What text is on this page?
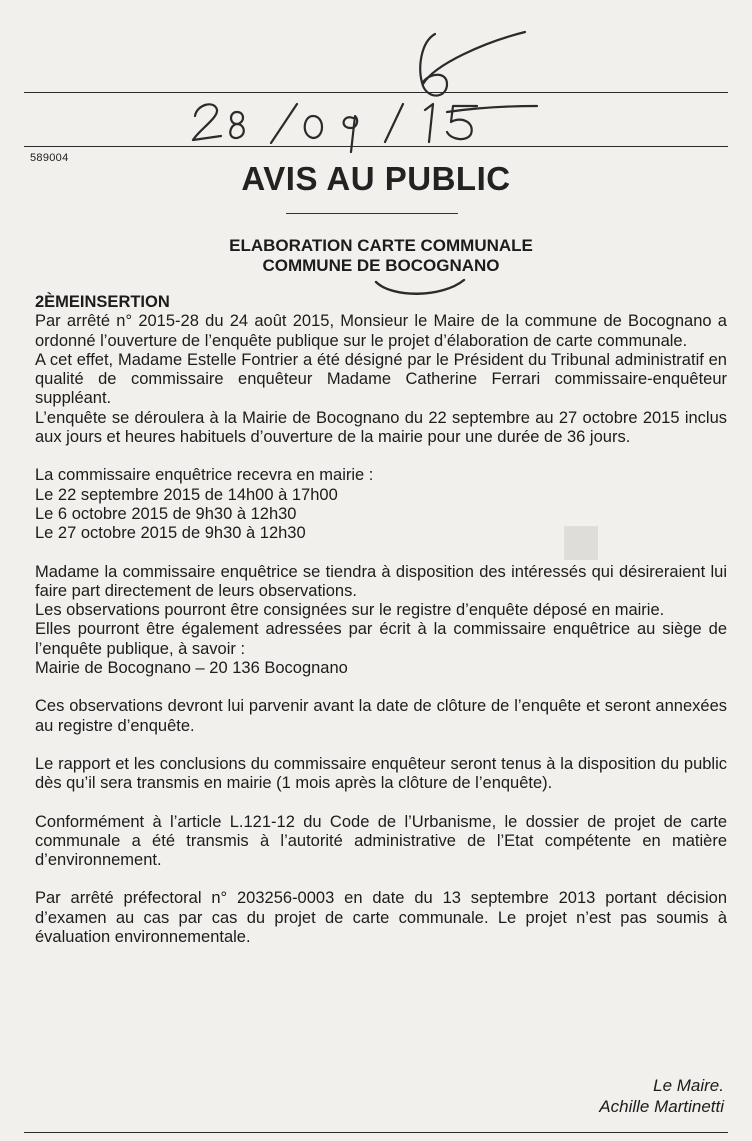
■
589004
AVIS AU PUBLIC
ELABORATION CARTE COMMUNALE
COMMUNE DE BOCOGNANO

2ÈMEINSERTION

Par arrêté n° 2015-28 du 24 août 2015, Monsieur le Maire de la commune de Bocognano a ordonné l’ouverture de l’enquête publique sur le projet d’élaboration de carte communale.

A cet effet, Madame Estelle Fontrier a été désigné par le Président du Tribunal administratif en qualité de commissaire enquêteur Madame Catherine Ferrari commissaire-enquêteur suppléant.

L’enquête se déroulera à la Mairie de Bocognano du 22 septembre au 27 octobre 2015 inclus aux jours et heures habituels d’ouverture de la mairie pour une durée de 36 jours.

La commissaire enquêtrice recevra en mairie :

Le 22 septembre 2015 de 14h00 à 17h00

Le 6 octobre 2015 de 9h30 à 12h30

Le 27 octobre 2015 de 9h30 à 12h30

Madame la commissaire enquêtrice se tiendra à disposition des intéressés qui désireraient lui faire part directement de leurs observations.

Les observations pourront être consignées sur le registre d’enquête déposé en mairie.

Elles pourront être également adressées par écrit à la commissaire enquêtrice au siège de l’enquête publique, à savoir :

Mairie de Bocognano – 20 136 Bocognano

Ces observations devront lui parvenir avant la date de clôture de l’enquête et seront annexées au registre d’enquête.

Le rapport et les conclusions du commissaire enquêteur seront tenus à la disposition du public dès qu’il sera transmis en mairie (1 mois après la clôture de l’enquête).

Conformément à l’article L.121-12 du Code de l’Urbanisme, le dossier de projet de carte communale a été transmis à l’autorité administrative de l’Etat compétente en matière d’environnement.

Par arrêté préfectoral n° 203256-0003 en date du 13 septembre 2013 portant décision d’examen au cas par cas du projet de carte communale. Le projet n’est pas soumis à évaluation environnementale.

Le Maire.
Achille Martinetti
